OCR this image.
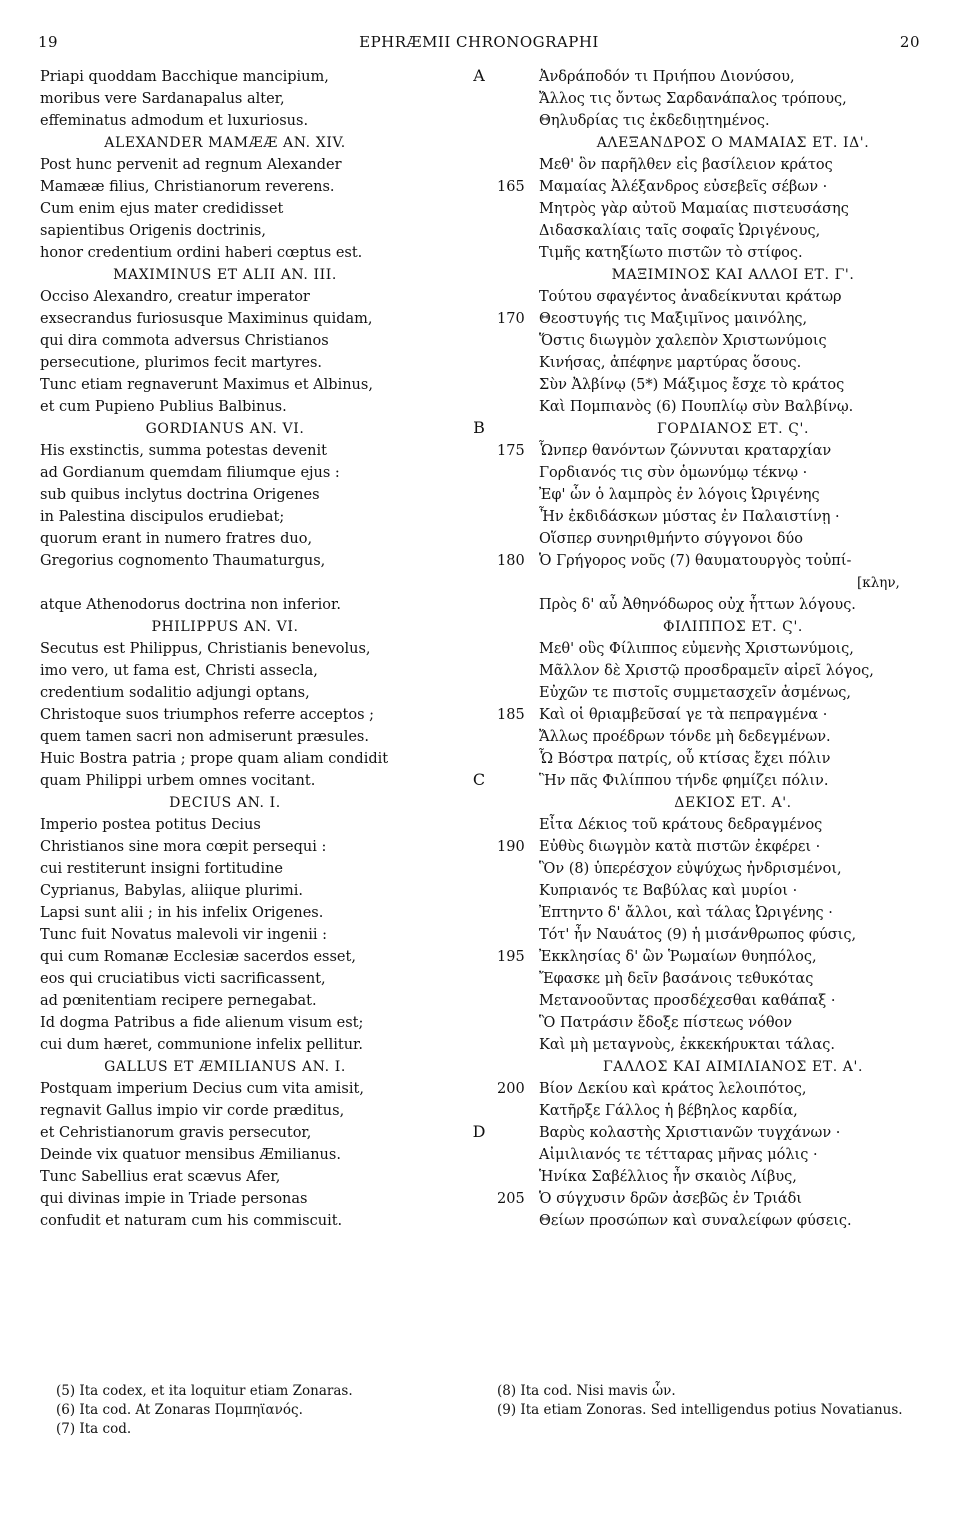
19	EPHRÆMII CHRONOGRAPHI	20
A
B
C
D
Priapi quoddam Bacchique mancipium,
moribus vere Sardanapalus alter,
effeminatus admodum et luxuriosus.
ALEXANDER MAMÆÆ AN. XIV.
Post hunc pervenit ad regnum Alexander
Mamææ filius, Christianorum reverens.
Cum enim ejus mater credidisset
sapientibus Origenis doctrinis,
honor credentium ordini haberi cœptus est.
MAXIMINUS ET ALII AN. III.
Occiso Alexandro, creatur imperator
exsecrandus furiosusque Maximinus quidam,
qui dira commota adversus Christianos
persecutione, plurimos fecit martyres.
Tunc etiam regnaverunt Maximus et Albinus,
et cum Pupieno Publius Balbinus.
GORDIANUS AN. VI.
His exstinctis, summa potestas devenit
ad Gordianum quemdam filiumque ejus :
sub quibus inclytus doctrina Origenes
in Palestina discipulos erudiebat;
quorum erant in numero fratres duo,
Gregorius cognomento Thaumaturgus,
atque Athenodorus doctrina non inferior.
PHILIPPUS AN. VI.
Secutus est Philippus, Christianis benevolus,
imo vero, ut fama est, Christi assecla,
credentium sodalitio adjungi optans,
Christoque suos triumphos referre acceptos ;
quem tamen sacri non admiserunt præsules.
Huic Bostra patria ; prope quam aliam condidit
quam Philippi urbem omnes vocitant.
DECIUS AN. I.
Imperio postea potitus Decius
Christianos sine mora cœpit persequi :
cui restiterunt insigni fortitudine
Cyprianus, Babylas, aliique plurimi.
Lapsi sunt alii ; in his infelix Origenes.
Tunc fuit Novatus malevoli vir ingenii :
qui cum Romanæ Ecclesiæ sacerdos esset,
eos qui cruciatibus victi sacrificassent,
ad pœnitentiam recipere pernegabat.
Id dogma Patribus a fide alienum visum est;
cui dum hæret, communione infelix pellitur.
GALLUS ET ÆMILIANUS AN. I.
Postquam imperium Decius cum vita amisit,
regnavit Gallus impio vir corde præditus,
et Cehristianorum gravis persecutor,
Deinde vix quatuor mensibus Æmilianus.
Tunc Sabellius erat scævus Afer,
qui divinas impie in Triade personas
confudit et naturam cum his commiscuit.
Ἀνδράποδόν τι Πριήπου Διονύσου,
Ἄλλος τις ὄντως Σαρδανάπαλος τρόπους,
Θηλυδρίας τις ἐκδεδιῃτημένος.
ΑΛΕΞΑΝΔΡΟΣ Ο ΜΑΜΑΙΑΣ ΕΤ. ΙΔ'.
Μεθ' ὃν παρῆλθεν εἰς βασίλειον κράτος
165 Μαμαίας Ἀλέξανδρος εὐσεβεῖς σέβων ·
Μητρὸς γὰρ αὐτοῦ Μαμαίας πιστευσάσης
Διδασκαλίαις ταῖς σοφαῖς Ὠριγένους,
Τιμῆς κατηξίωτο πιστῶν τὸ στίφος.
ΜΑΞΙΜΙΝΟΣ ΚΑΙ ΑΛΛΟΙ ΕΤ. Γ'.
Τούτου σφαγέντος ἀναδείκνυται κράτωρ
170 Θεοστυγής τις Μαξιμῖνος μαινόλης,
Ὅστις διωγμὸν χαλεπὸν Χριστωνύμοις
Κινήσας, ἀπέφηνε μαρτύρας ὅσους.
Σὺν Ἀλβίνῳ (5*) Μάξιμος ἔσχε τὸ κράτος
Καὶ Πομπιανὸς (6) Πουπλίῳ σὺν Βαλβίνῳ.
ΓΟΡΔΙΑΝΟΣ ΕΤ. Ϛ'.
175 Ὧνπερ θανόντων ζώννυται κραταρχίαν
Γορδιανός τις σὺν ὁμωνύμῳ τέκνῳ ·
Ἐφ' ὧν ὁ λαμπρὸς ἐν λόγοις Ὠριγένης
Ἦν ἐκδιδάσκων μύστας ἐν Παλαιστίνῃ ·
Οἵσπερ συνηριθμήντο σύγγονοι δύο
180 Ὁ Γρήγορος νοῦς (7) θαυματουργὸς τοὐπί-
[κλην,
Πρὸς δ' αὖ Ἀθηνόδωρος οὐχ ἧττων λόγους.
ΦΙΛΙΠΠΟΣ ΕΤ. Ϛ'.
Μεθ' οὓς Φίλιππος εὐμενὴς Χριστωνύμοις,
Μᾶλλον δὲ Χριστῷ προσδραμεῖν αἱρεῖ λόγος,
Εὐχῶν τε πιστοῖς συμμετασχεῖν ἀσμένως,
185 Καὶ οἱ θριαμβεῦσαί γε τὰ πεπραγμένα ·
Ἄλλως προέδρων τόνδε μὴ δεδεγμένων.
Ὧ Βόστρα πατρίς, οὗ κτίσας ἔχει πόλιν
Ἣν πᾶς Φιλίππου τήνδε φημίζει πόλιν.
ΔΕΚΙΟΣ ΕΤ. Α'.
Εἶτα Δέκιος τοῦ κράτους δεδραγμένος
190 Εὐθὺς διωγμὸν κατὰ πιστῶν ἐκφέρει ·
Ὃν (8) ὑπερέσχον εὐψύχως ἠνδρισμένοι,
Κυπριανός τε Βαβύλας καὶ μυρίοι ·
Ἐπτηντο δ' ἄλλοι, καὶ τάλας Ὠριγένης ·
Τότ' ἦν Ναυάτος (9) ἡ μισάνθρωπος φύσις,
195 Ἐκκλησίας δ' ὢν Ῥωμαίων θυηπόλος,
Ἔφασκε μὴ δεῖν βασάνοις τεθυκότας
Μετανοοῦντας προσδέχεσθαι καθάπαξ ·
Ὃ Πατράσιν ἔδοξε πίστεως νόθον
Καὶ μὴ μεταγνοὺς, ἐκκεκήρυκται τάλας.
ΓΑΛΛΟΣ ΚΑΙ ΑΙΜΙΛΙΑΝΟΣ ΕΤ. Α'.
200 Βίον Δεκίου καὶ κράτος λελοιπότος,
Κατῆρξε Γάλλος ἡ βέβηλος καρδία,
Βαρὺς κολαστὴς Χριστιανῶν τυγχάνων ·
Αἰμιλιανός τε τέτταρας μῆνας μόλις ·
Ἡνίκα Σαβέλλιος ἦν σκαιὸς Λίβυς,
205 Ὁ σύγχυσιν δρῶν ἀσεβῶς ἐν Τριάδι
Θείων προσώπων καὶ συναλείφων φύσεις.
(5) Ita codex, et ita loquitur etiam Zonaras.
(6) Ita cod. At Zonaras Πομπηϊανός.
(7) Ita cod.
(8) Ita cod. Nisi mavis ὧν.
(9) Ita etiam Zonoras. Sed intelligendus potius Novatianus.
